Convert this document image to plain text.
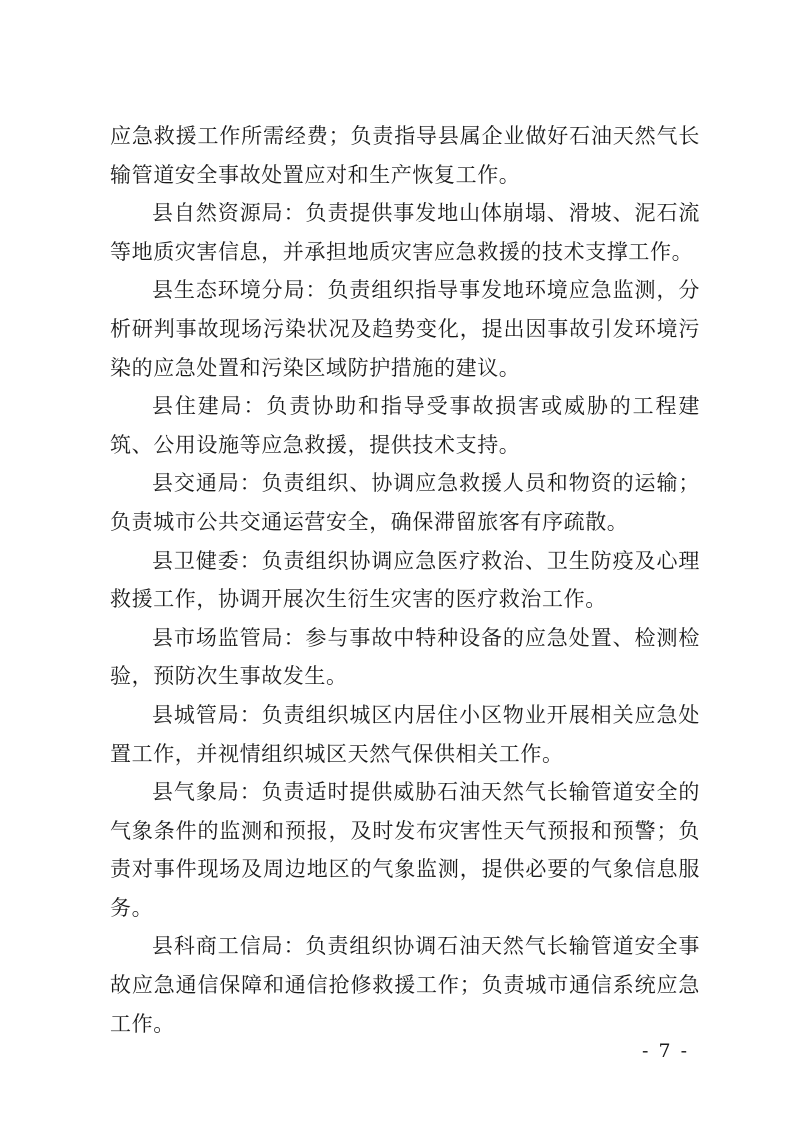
应急救援工作所需经费；负责指导县属企业做好石油天然气长输管道安全事故处置应对和生产恢复工作。

县自然资源局：负责提供事发地山体崩塌、滑坡、泥石流等地质灾害信息，并承担地质灾害应急救援的技术支撑工作。

县生态环境分局：负责组织指导事发地环境应急监测，分析研判事故现场污染状况及趋势变化，提出因事故引发环境污染的应急处置和污染区域防护措施的建议。

县住建局：负责协助和指导受事故损害或威胁的工程建筑、公用设施等应急救援，提供技术支持。

县交通局：负责组织、协调应急救援人员和物资的运输；负责城市公共交通运营安全，确保滞留旅客有序疏散。

县卫健委：负责组织协调应急医疗救治、卫生防疫及心理救援工作，协调开展次生衍生灾害的医疗救治工作。

县市场监管局：参与事故中特种设备的应急处置、检测检验，预防次生事故发生。

县城管局：负责组织城区内居住小区物业开展相关应急处置工作，并视情组织城区天然气保供相关工作。

县气象局：负责适时提供威胁石油天然气长输管道安全的气象条件的监测和预报，及时发布灾害性天气预报和预警；负责对事件现场及周边地区的气象监测，提供必要的气象信息服务。

县科商工信局：负责组织协调石油天然气长输管道安全事故应急通信保障和通信抢修救援工作；负责城市通信系统应急工作。

- 7 -
